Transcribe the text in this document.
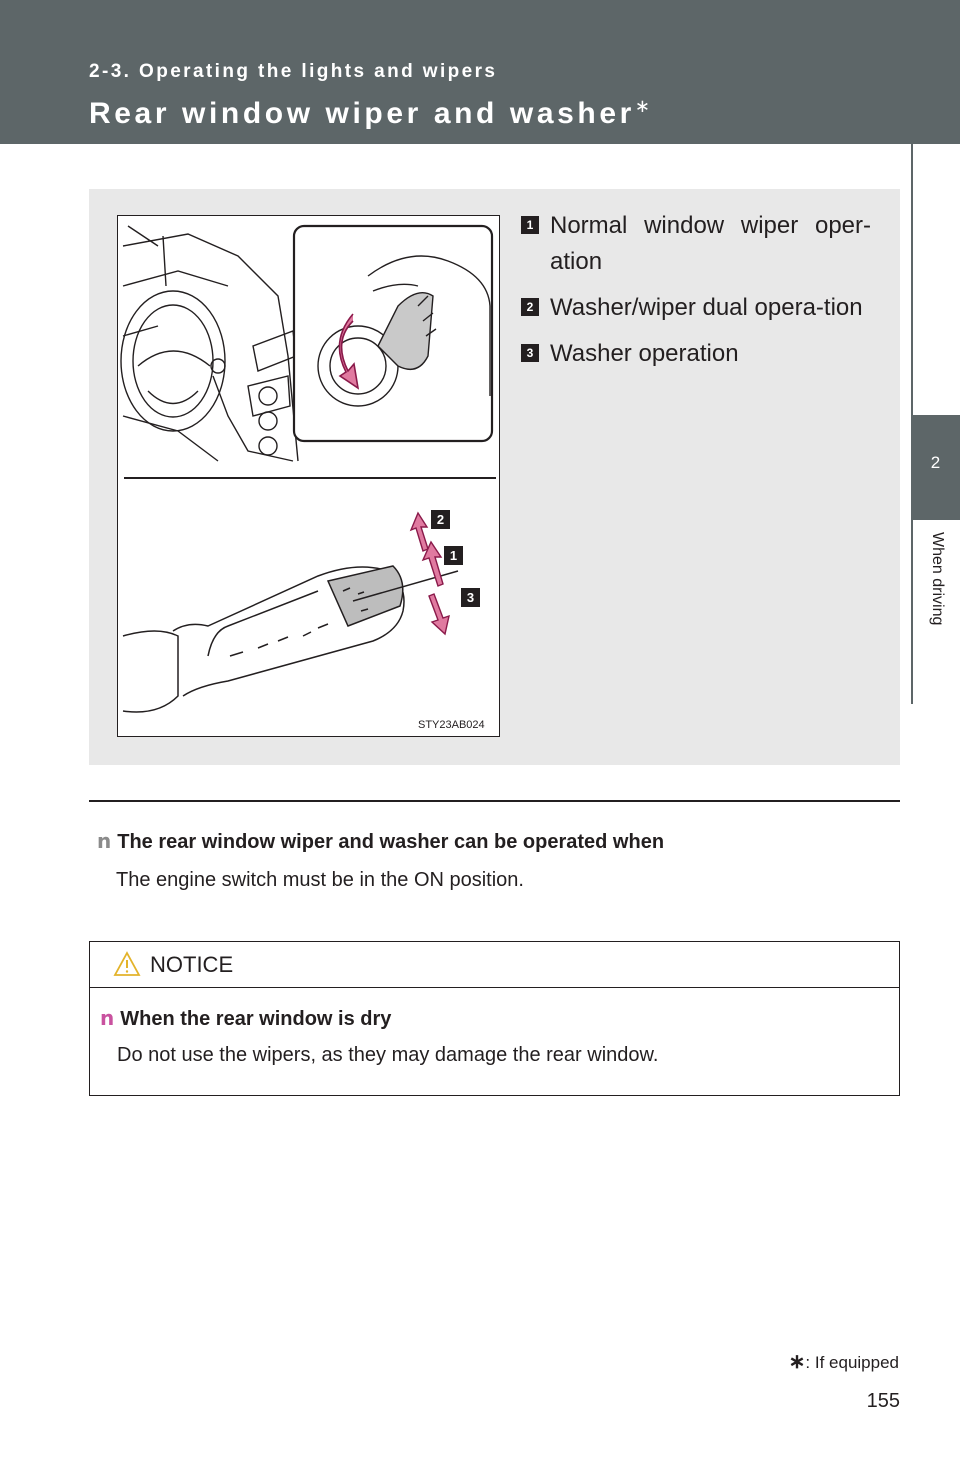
2-3. Operating the lights and wipers
Rear window wiper and washer∗
2
When driving
2
1
3
STY23AB024
1 Normal window wiper oper-ation
2 Washer/wiper dual opera-tion
3 Washer operation
n The rear window wiper and washer can be operated when
The engine switch must be in the ON position.
NOTICE
n When the rear window is dry
Do not use the wipers, as they may damage the rear window.
∗: If equipped
155
